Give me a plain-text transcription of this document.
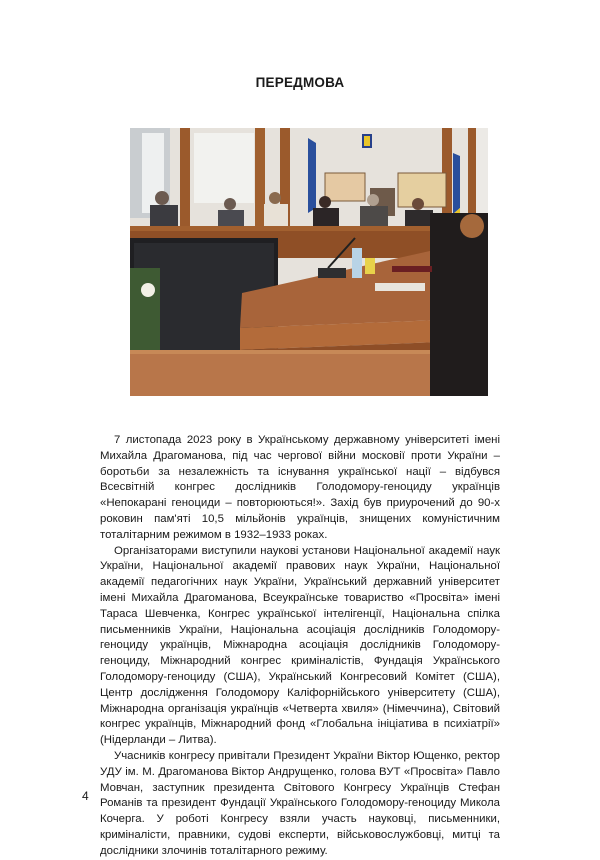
ПЕРЕДМОВА

7 листопада 2023 року в Українському державному університеті імені Михайла Драгоманова, під час чергової війни московії проти України – боротьби за незалежність та існування української нації – відбувся Всесвітній конгрес дослідників Голодомору-геноциду українців «Непокарані геноциди – повторюються!». Захід був приурочений до 90-х роковин пам'яті 10,5 мільйонів українців, знищених комуністичним тоталітарним режимом в 1932–1933 роках.

Організаторами виступили наукові установи Національної академії наук України, Національної академії правових наук України, Національної академії педагогічних наук України, Український державний університет імені Михайла Драгоманова, Всеукраїнське товариство «Просвіта» імені Тараса Шевченка, Конгрес української інтелігенції, Національна спілка письменників України, Національна асоціація дослідників Голодомору-геноциду українців, Міжнародна асоціація дослідників Голодомору-геноциду, Міжнародний конгрес криміналістів, Фундація Українського Голодомору-геноциду (США), Український Конгресовий Комітет (США), Центр дослідження Голодомору Каліфорнійського університету (США), Міжнародна організація українців «Четверта хвиля» (Німеччина), Світовий конгрес українців, Міжнародний фонд «Глобальна ініціатива в психіатрії» (Нідерланди – Литва).

Учасників конгресу привітали Президент України Віктор Ющенко, ректор УДУ ім. М. Драгоманова Віктор Андрущенко, голова ВУТ «Просвіта» Павло Мовчан, заступник президента Світового Конгресу Українців Стефан Романів та президент Фундації Українського Голодомору-геноциду Микола Кочерга. У роботі Конгресу взяли участь науковці, письменники, криміналісти, правники, судові експерти, військовослужбовці, митці та дослідники злочинів тоталітарного режиму.

4
